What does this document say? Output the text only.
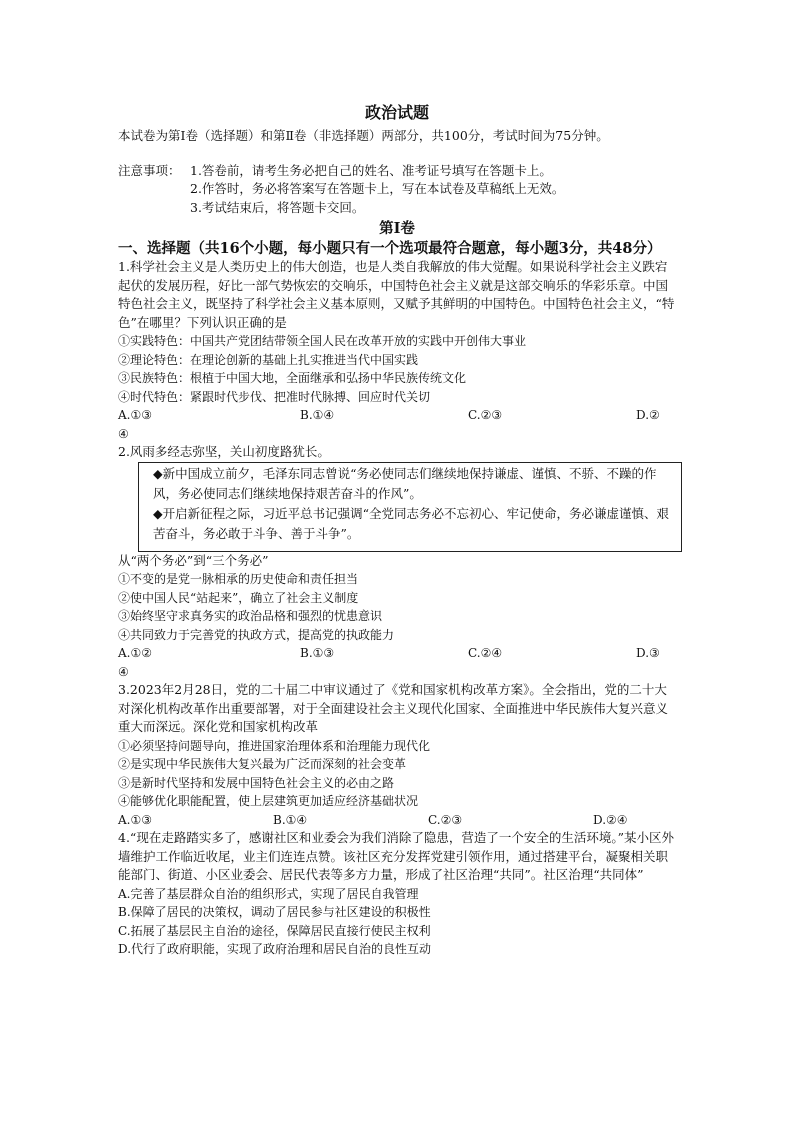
政治试题

本试卷为第Ⅰ卷（选择题）和第Ⅱ卷（非选择题）两部分，共100分，考试时间为75分钟。

注意事项： 1.答卷前，请考生务必把自己的姓名、准考证号填写在答题卡上。
2.作答时，务必将答案写在答题卡上，写在本试卷及草稿纸上无效。
3.考试结束后，将答题卡交回。
第Ⅰ卷
一、选择题（共16个小题，每小题只有一个选项最符合题意，每小题3分，共48分）

1.科学社会主义是人类历史上的伟大创造，也是人类自我解放的伟大觉醒。如果说科学社会主义跌宕起伏的发展历程，好比一部气势恢宏的交响乐，中国特色社会主义就是这部交响乐的华彩乐章。中国特色社会主义，既坚持了科学社会主义基本原则，又赋予其鲜明的中国特色。中国特色社会主义，“特色”在哪里？下列认识正确的是

①实践特色：中国共产党团结带领全国人民在改革开放的实践中开创伟大事业

②理论特色：在理论创新的基础上扎实推进当代中国实践

③民族特色：根植于中国大地，全面继承和弘扬中华民族传统文化

④时代特色：紧跟时代步伐、把准时代脉搏、回应时代关切

A.①③	B.①④	C.②③	D.②

④

2.风雨多经志弥坚，关山初度路犹长。

◆新中国成立前夕，毛泽东同志曾说“务必使同志们继续地保持谦虚、谨慎、不骄、不躁的作风，务必使同志们继续地保持艰苦奋斗的作风”。

◆开启新征程之际，习近平总书记强调“全党同志务必不忘初心、牢记使命，务必谦虚谨慎、艰苦奋斗，务必敢于斗争、善于斗争”。

从“两个务必”到“三个务必”

①不变的是党一脉相承的历史使命和责任担当

②使中国人民“站起来”，确立了社会主义制度

③始终坚守求真务实的政治品格和强烈的忧患意识

④共同致力于完善党的执政方式，提高党的执政能力

A.①②	B.①③	C.②④	D.③

④

3.2023年2月28日，党的二十届二中审议通过了《党和国家机构改革方案》。全会指出，党的二十大对深化机构改革作出重要部署，对于全面建设社会主义现代化国家、全面推进中华民族伟大复兴意义重大而深远。深化党和国家机构改革

①必须坚持问题导向，推进国家治理体系和治理能力现代化

②是实现中华民族伟大复兴最为广泛而深刻的社会变革

③是新时代坚持和发展中国特色社会主义的必由之路

④能够优化职能配置，使上层建筑更加适应经济基础状况

A.①③	B.①④	C.②③	D.②④

4.“现在走路踏实多了，感谢社区和业委会为我们消除了隐患，营造了一个安全的生活环境。”某小区外墙维护工作临近收尾，业主们连连点赞。该社区充分发挥党建引领作用，通过搭建平台，凝聚相关职能部门、街道、小区业委会、居民代表等多方力量，形成了社区治理“共同”。社区治理“共同体”

A.完善了基层群众自治的组织形式，实现了居民自我管理

B.保障了居民的决策权，调动了居民参与社区建设的积极性

C.拓展了基层民主自治的途径，保障居民直接行使民主权利

D.代行了政府职能，实现了政府治理和居民自治的良性互动
